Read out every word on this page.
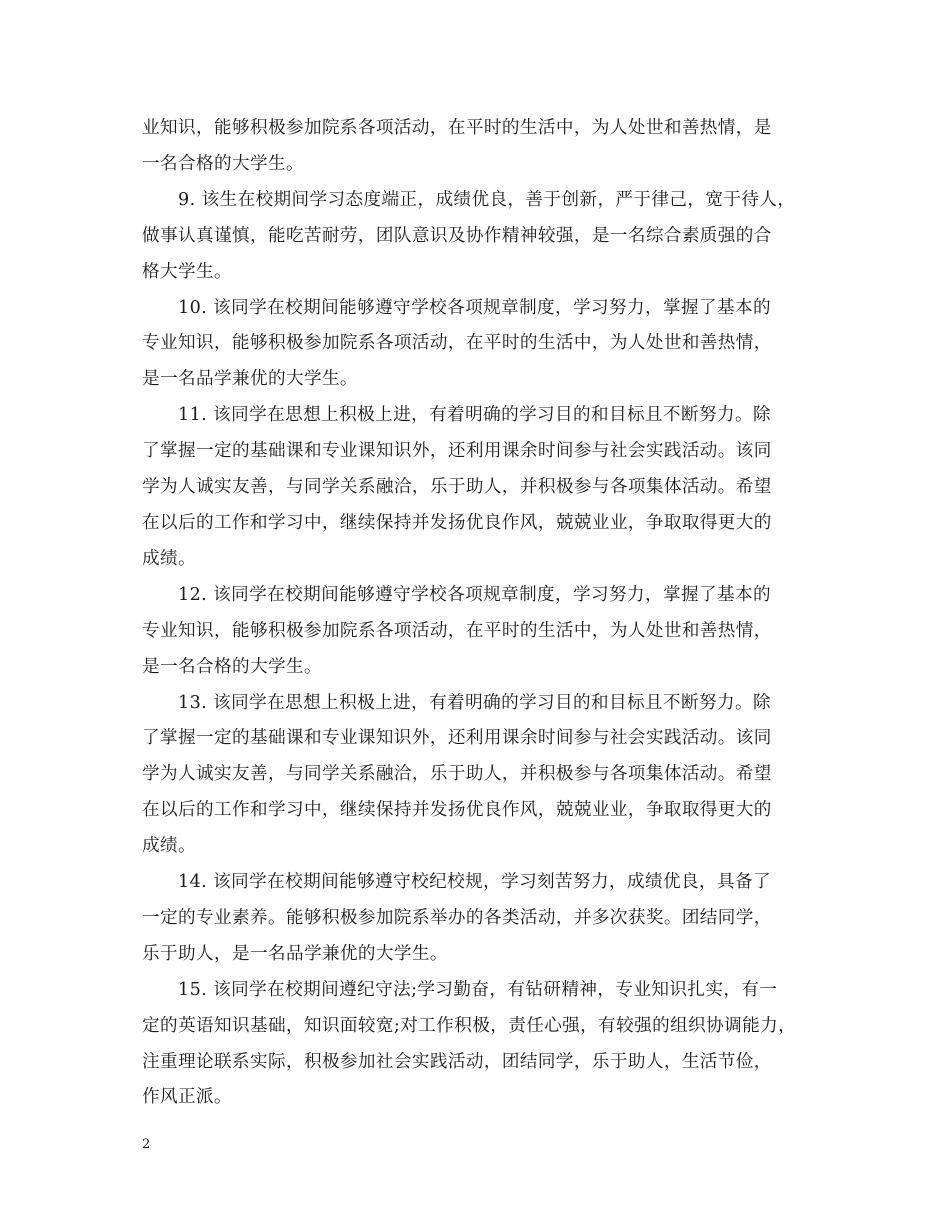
业知识，能够积极参加院系各项活动，在平时的生活中，为人处世和善热情，是
一名合格的大学生。

9. 该生在校期间学习态度端正，成绩优良，善于创新，严于律己，宽于待人，
做事认真谨慎，能吃苦耐劳，团队意识及协作精神较强，是一名综合素质强的合
格大学生。

10. 该同学在校期间能够遵守学校各项规章制度，学习努力，掌握了基本的
专业知识，能够积极参加院系各项活动，在平时的生活中，为人处世和善热情，
是一名品学兼优的大学生。

11. 该同学在思想上积极上进，有着明确的学习目的和目标且不断努力。除
了掌握一定的基础课和专业课知识外，还利用课余时间参与社会实践活动。该同
学为人诚实友善，与同学关系融洽，乐于助人，并积极参与各项集体活动。希望
在以后的工作和学习中，继续保持并发扬优良作风，兢兢业业，争取取得更大的
成绩。

12. 该同学在校期间能够遵守学校各项规章制度，学习努力，掌握了基本的
专业知识，能够积极参加院系各项活动，在平时的生活中，为人处世和善热情，
是一名合格的大学生。

13. 该同学在思想上积极上进，有着明确的学习目的和目标且不断努力。除
了掌握一定的基础课和专业课知识外，还利用课余时间参与社会实践活动。该同
学为人诚实友善，与同学关系融洽，乐于助人，并积极参与各项集体活动。希望
在以后的工作和学习中，继续保持并发扬优良作风，兢兢业业，争取取得更大的
成绩。

14. 该同学在校期间能够遵守校纪校规，学习刻苦努力，成绩优良，具备了
一定的专业素养。能够积极参加院系举办的各类活动，并多次获奖。团结同学，
乐于助人，是一名品学兼优的大学生。

15. 该同学在校期间遵纪守法;学习勤奋，有钻研精神，专业知识扎实，有一
定的英语知识基础，知识面较宽;对工作积极，责任心强，有较强的组织协调能力，
注重理论联系实际，积极参加社会实践活动，团结同学，乐于助人，生活节俭，
作风正派。

2
